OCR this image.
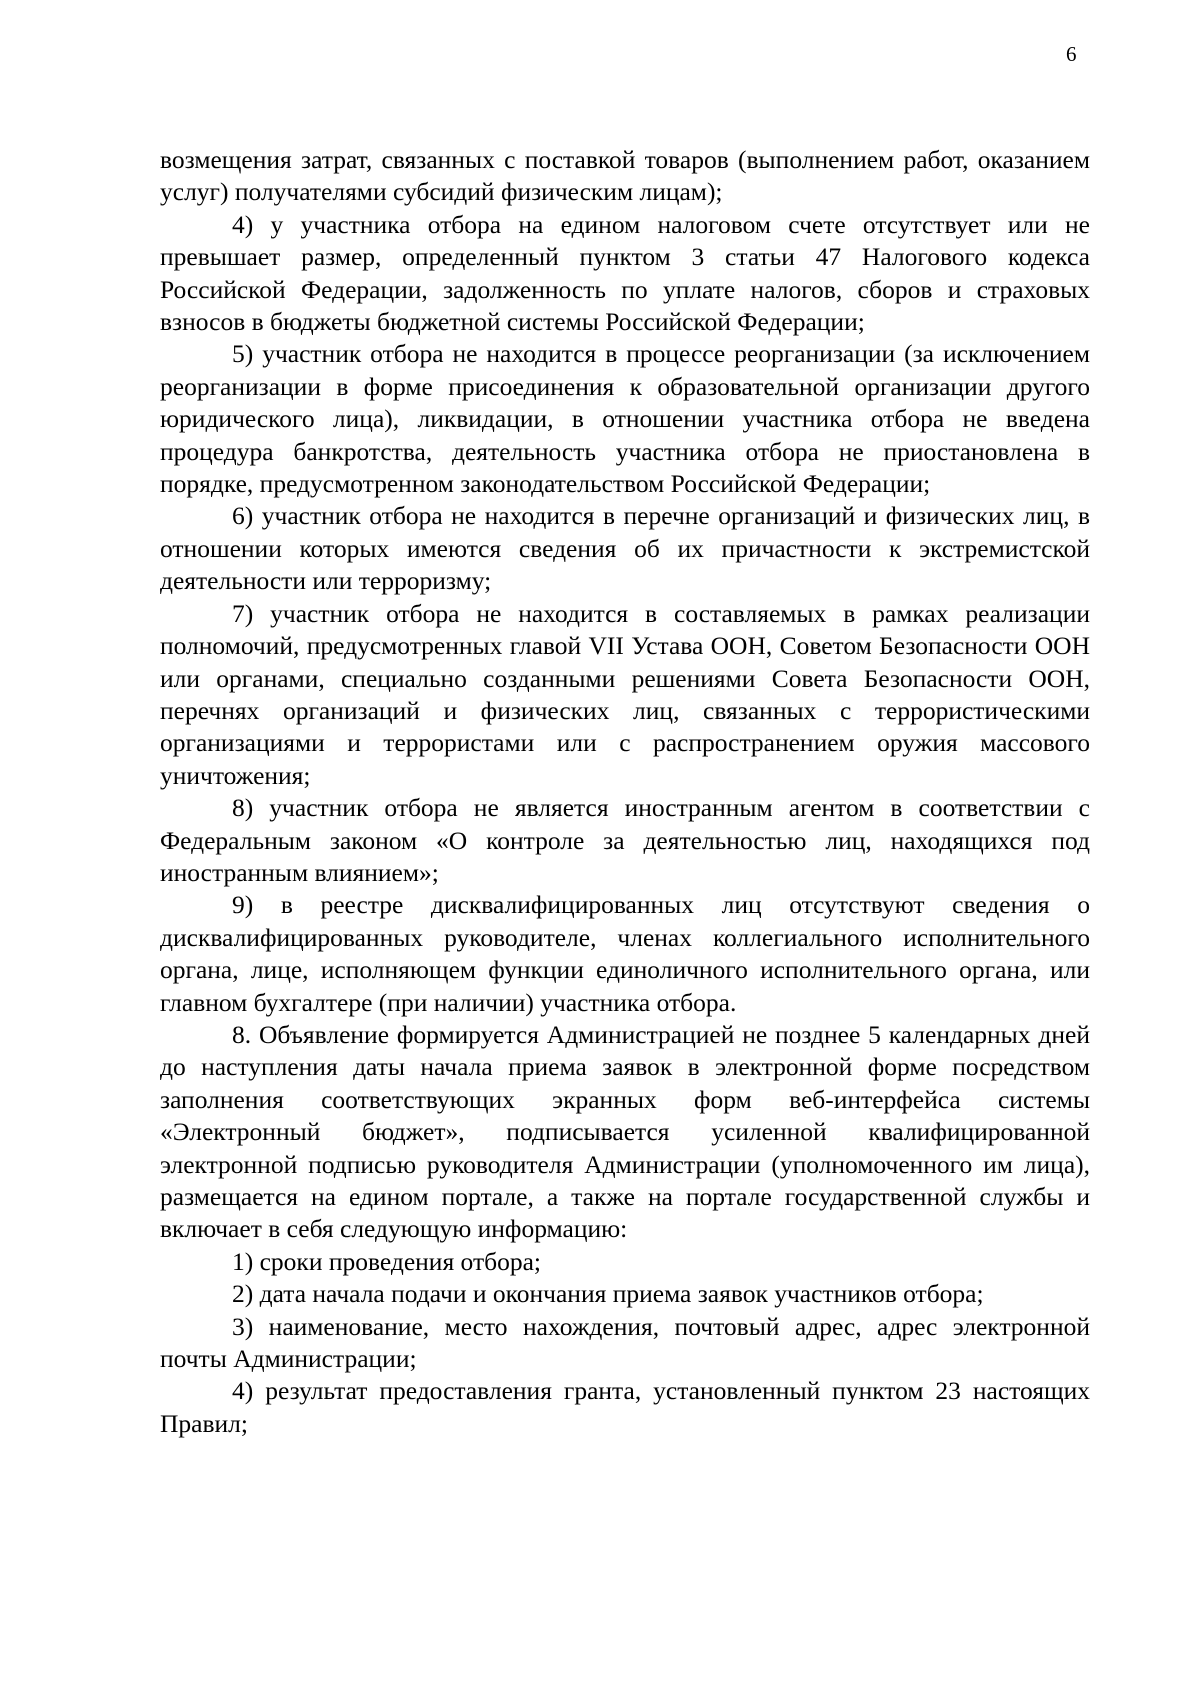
6

возмещения затрат, связанных с поставкой товаров (выполнением работ, оказанием услуг) получателями субсидий физическим лицам);

4) у участника отбора на едином налоговом счете отсутствует или не превышает размер, определенный пунктом 3 статьи 47 Налогового кодекса Российской Федерации, задолженность по уплате налогов, сборов и страховых взносов в бюджеты бюджетной системы Российской Федерации;

5) участник отбора не находится в процессе реорганизации (за исключением реорганизации в форме присоединения к образовательной организации другого юридического лица), ликвидации, в отношении участника отбора не введена процедура банкротства, деятельность участника отбора не приостановлена в порядке, предусмотренном законодательством Российской Федерации;

6) участник отбора не находится в перечне организаций и физических лиц, в отношении которых имеются сведения об их причастности к экстремистской деятельности или терроризму;

7) участник отбора не находится в составляемых в рамках реализации полномочий, предусмотренных главой VII Устава ООН, Советом Безопасности ООН или органами, специально созданными решениями Совета Безопасности ООН, перечнях организаций и физических лиц, связанных с террористическими организациями и террористами или с распространением оружия массового уничтожения;

8) участник отбора не является иностранным агентом в соответствии с Федеральным законом «О контроле за деятельностью лиц, находящихся под иностранным влиянием»;

9) в реестре дисквалифицированных лиц отсутствуют сведения о дисквалифицированных руководителе, членах коллегиального исполнительного органа, лице, исполняющем функции единоличного исполнительного органа, или главном бухгалтере (при наличии) участника отбора.

8. Объявление формируется Администрацией не позднее 5 календарных дней до наступления даты начала приема заявок в электронной форме посредством заполнения соответствующих экранных форм веб-интерфейса системы «Электронный бюджет», подписывается усиленной квалифицированной электронной подписью руководителя Администрации (уполномоченного им лица), размещается на едином портале, а также на портале государственной службы и включает в себя следующую информацию:

1) сроки проведения отбора;

2) дата начала подачи и окончания приема заявок участников отбора;

3) наименование, место нахождения, почтовый адрес, адрес электронной почты Администрации;

4) результат предоставления гранта, установленный пунктом 23 настоящих Правил;
